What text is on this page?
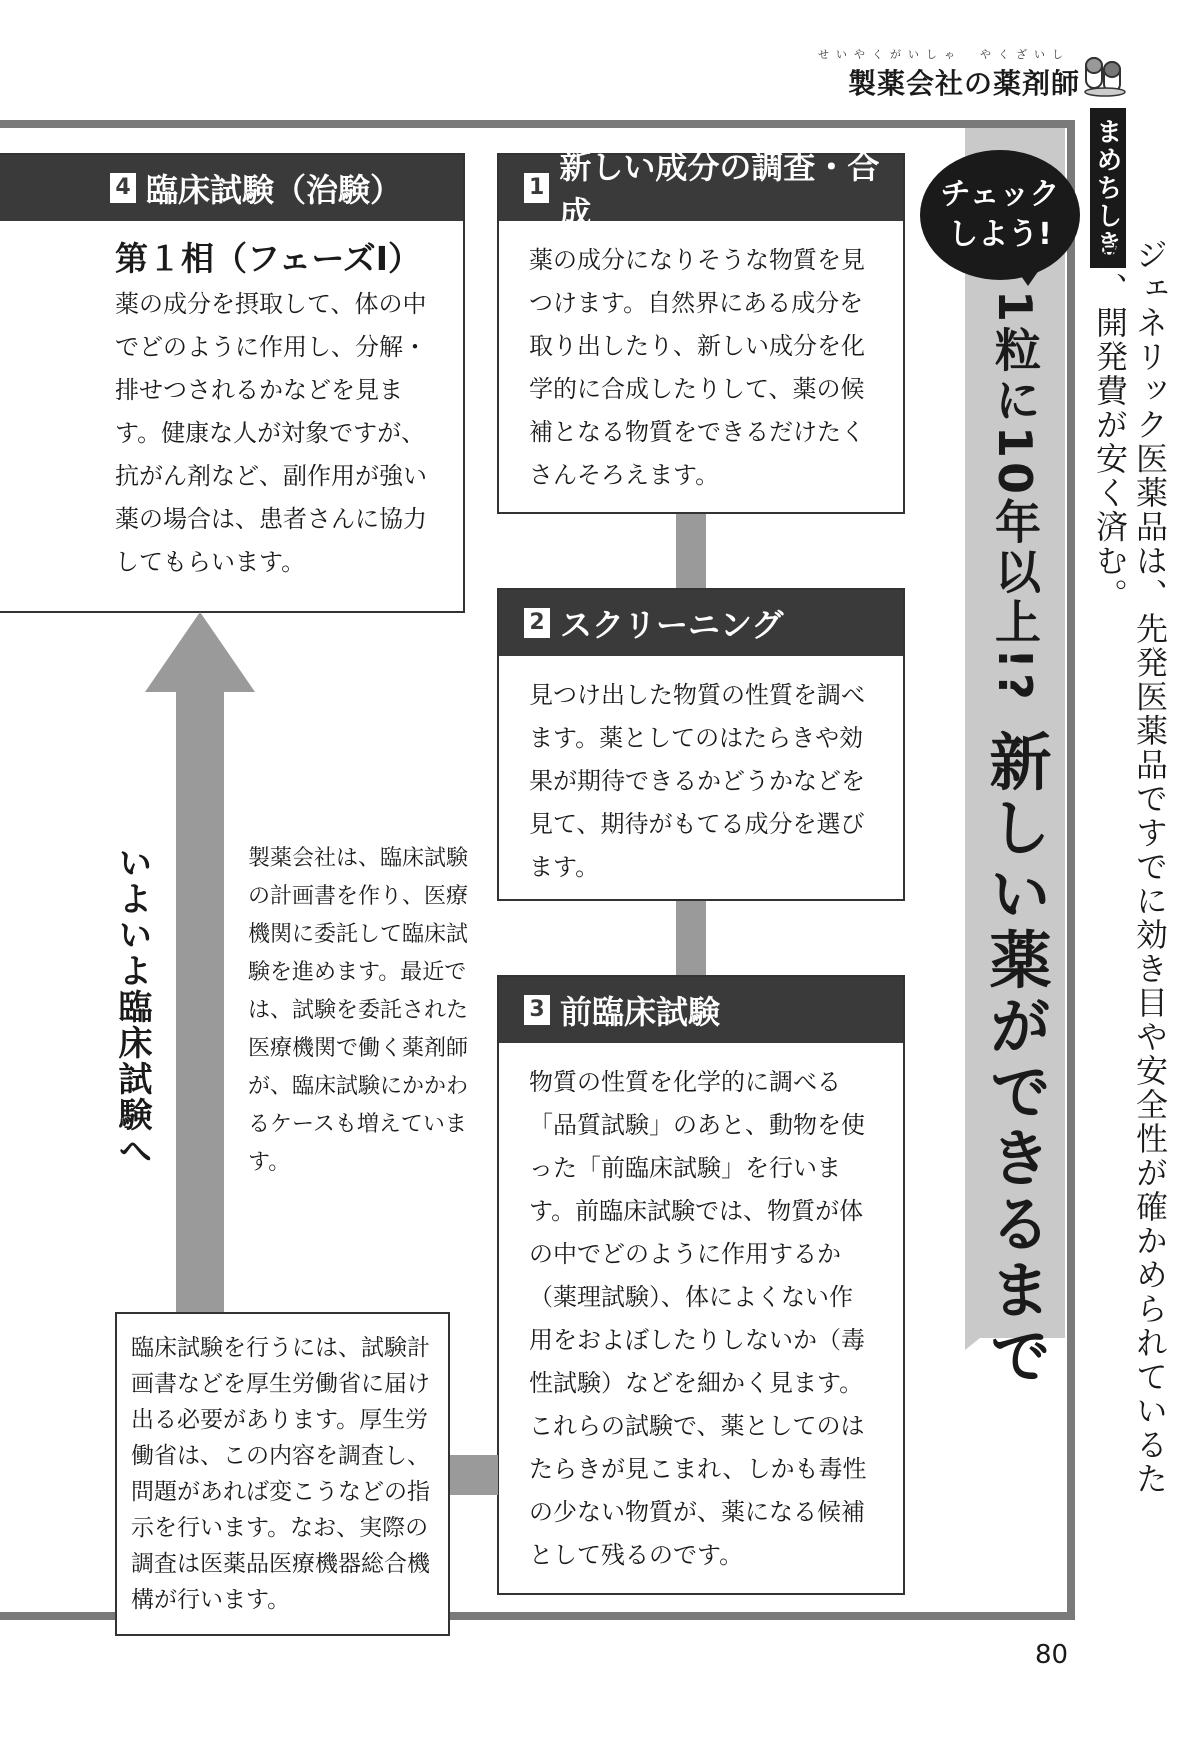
せいやくがいしゃ　やくざいし
製薬会社の薬剤師
1粒に10年以上!? 新しい薬ができるまで
チェック
しよう! まめちしき
ジェネリック医薬品は、先発医薬品ですでに効き目や安全性が確かめられているため、開発費が安く済む。
1
新しい成分の調査・合成
薬の成分になりそうな物質を見つけます。自然界にある成分を取り出したり、新しい成分を化学的に合成したりして、薬の候補となる物質をできるだけたくさんそろえます。
2 スクリーニング
見つけ出した物質の性質を調べます。薬としてのはたらきや効果が期待できるかどうかなどを見て、期待がもてる成分を選びます。
3 前臨床試験
物質の性質を化学的に調べる「品質試験」のあと、動物を使った「前臨床試験」を行います。前臨床試験では、物質が体の中でどのように作用するか（薬理試験）、体によくない作用をおよぼしたりしないか（毒性試験）などを細かく見ます。これらの試験で、薬としてのはたらきが見こまれ、しかも毒性の少ない物質が、薬になる候補として残るのです。
4 臨床試験（治験）
第１相（フェーズⅠ）
薬の成分を摂取して、体の中でどのように作用し、分解・排せつされるかなどを見ます。健康な人が対象ですが、抗がん剤など、副作用が強い薬の場合は、患者さんに協力してもらいます。
いよいよ臨床試験へ	製薬会社は、臨床試験の計画書を作り、医療機関に委託して臨床試験を進めます。最近では、試験を委託された医療機関で働く薬剤師が、臨床試験にかかわるケースも増えています。
臨床試験を行うには、試験計画書などを厚生労働省に届け出る必要があります。厚生労働省は、この内容を調査し、問題があれば変こうなどの指示を行います。なお、実際の調査は医薬品医療機器総合機構が行います。
80
